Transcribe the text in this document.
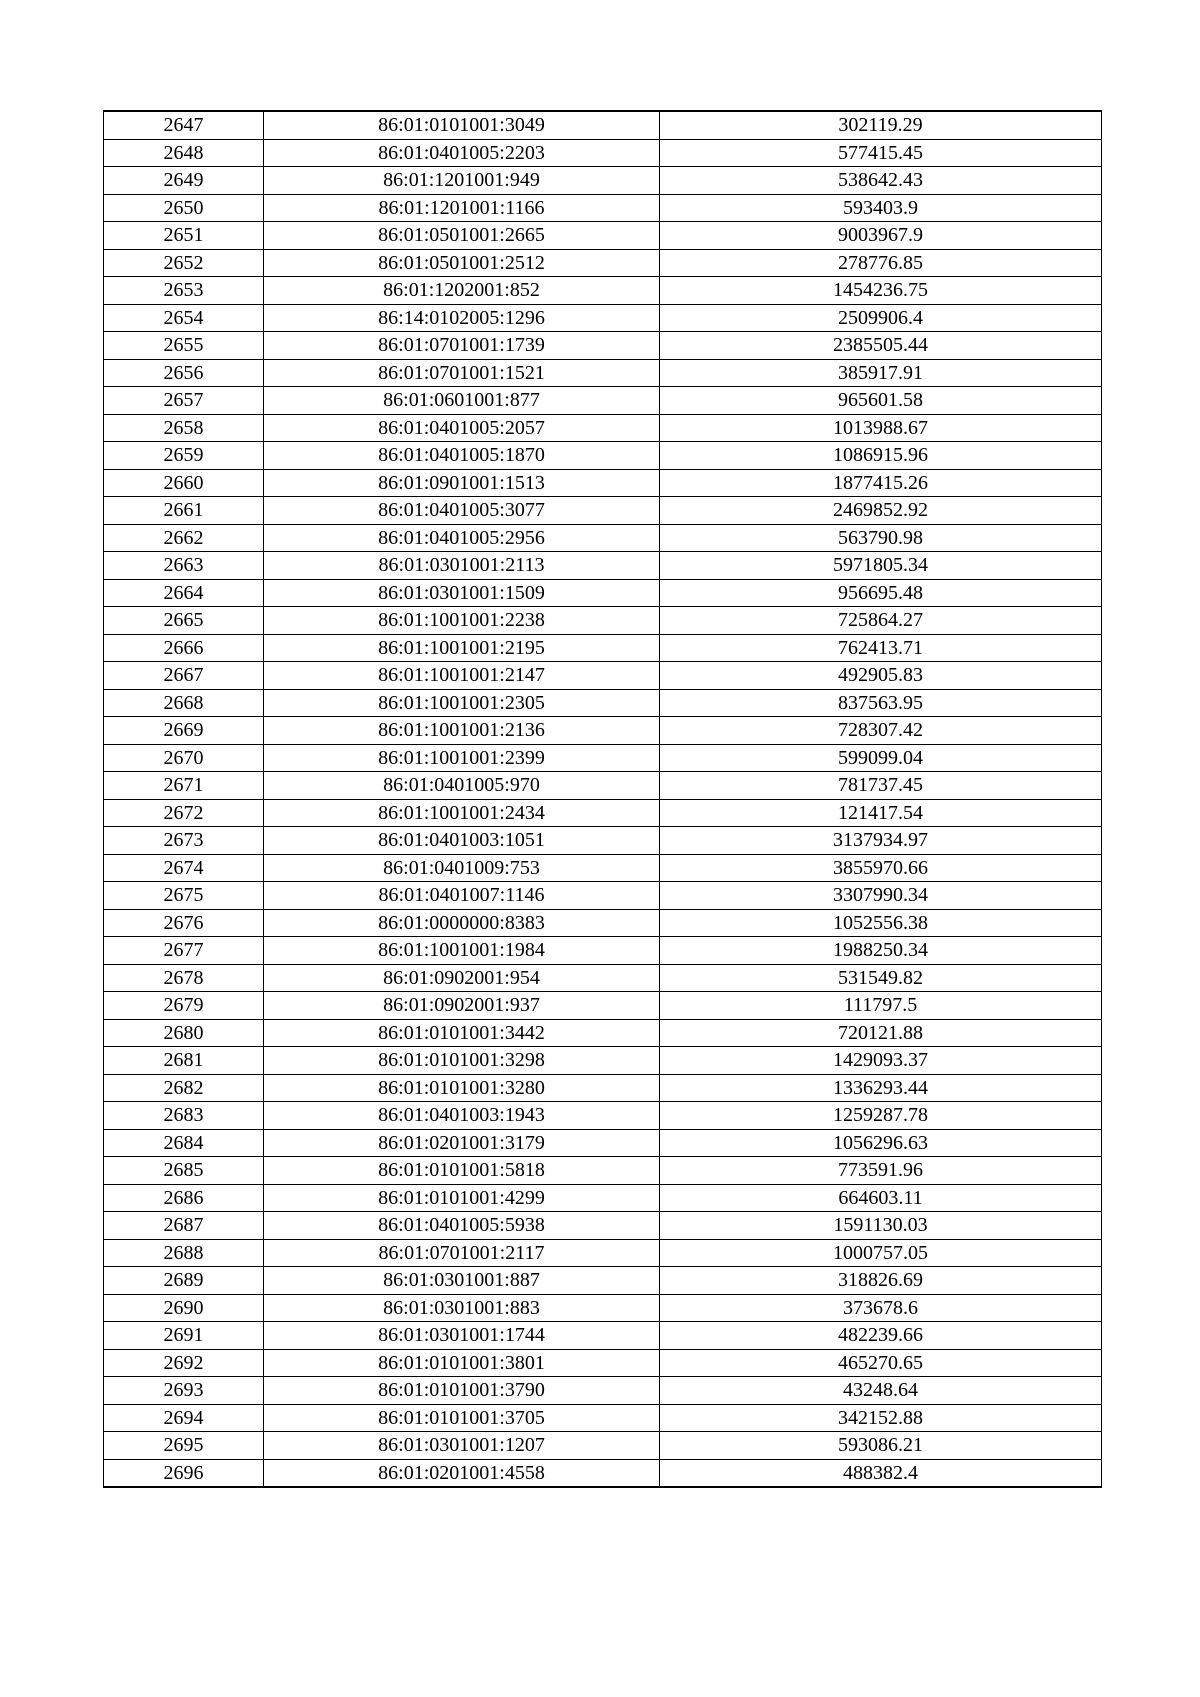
2647	86:01:0101001:3049	302119.29
2648	86:01:0401005:2203	577415.45
2649	86:01:1201001:949	538642.43
2650	86:01:1201001:1166	593403.9
2651	86:01:0501001:2665	9003967.9
2652	86:01:0501001:2512	278776.85
2653	86:01:1202001:852	1454236.75
2654	86:14:0102005:1296	2509906.4
2655	86:01:0701001:1739	2385505.44
2656	86:01:0701001:1521	385917.91
2657	86:01:0601001:877	965601.58
2658	86:01:0401005:2057	1013988.67
2659	86:01:0401005:1870	1086915.96
2660	86:01:0901001:1513	1877415.26
2661	86:01:0401005:3077	2469852.92
2662	86:01:0401005:2956	563790.98
2663	86:01:0301001:2113	5971805.34
2664	86:01:0301001:1509	956695.48
2665	86:01:1001001:2238	725864.27
2666	86:01:1001001:2195	762413.71
2667	86:01:1001001:2147	492905.83
2668	86:01:1001001:2305	837563.95
2669	86:01:1001001:2136	728307.42
2670	86:01:1001001:2399	599099.04
2671	86:01:0401005:970	781737.45
2672	86:01:1001001:2434	121417.54
2673	86:01:0401003:1051	3137934.97
2674	86:01:0401009:753	3855970.66
2675	86:01:0401007:1146	3307990.34
2676	86:01:0000000:8383	1052556.38
2677	86:01:1001001:1984	1988250.34
2678	86:01:0902001:954	531549.82
2679	86:01:0902001:937	111797.5
2680	86:01:0101001:3442	720121.88
2681	86:01:0101001:3298	1429093.37
2682	86:01:0101001:3280	1336293.44
2683	86:01:0401003:1943	1259287.78
2684	86:01:0201001:3179	1056296.63
2685	86:01:0101001:5818	773591.96
2686	86:01:0101001:4299	664603.11
2687	86:01:0401005:5938	1591130.03
2688	86:01:0701001:2117	1000757.05
2689	86:01:0301001:887	318826.69
2690	86:01:0301001:883	373678.6
2691	86:01:0301001:1744	482239.66
2692	86:01:0101001:3801	465270.65
2693	86:01:0101001:3790	43248.64
2694	86:01:0101001:3705	342152.88
2695	86:01:0301001:1207	593086.21
2696	86:01:0201001:4558	488382.4
